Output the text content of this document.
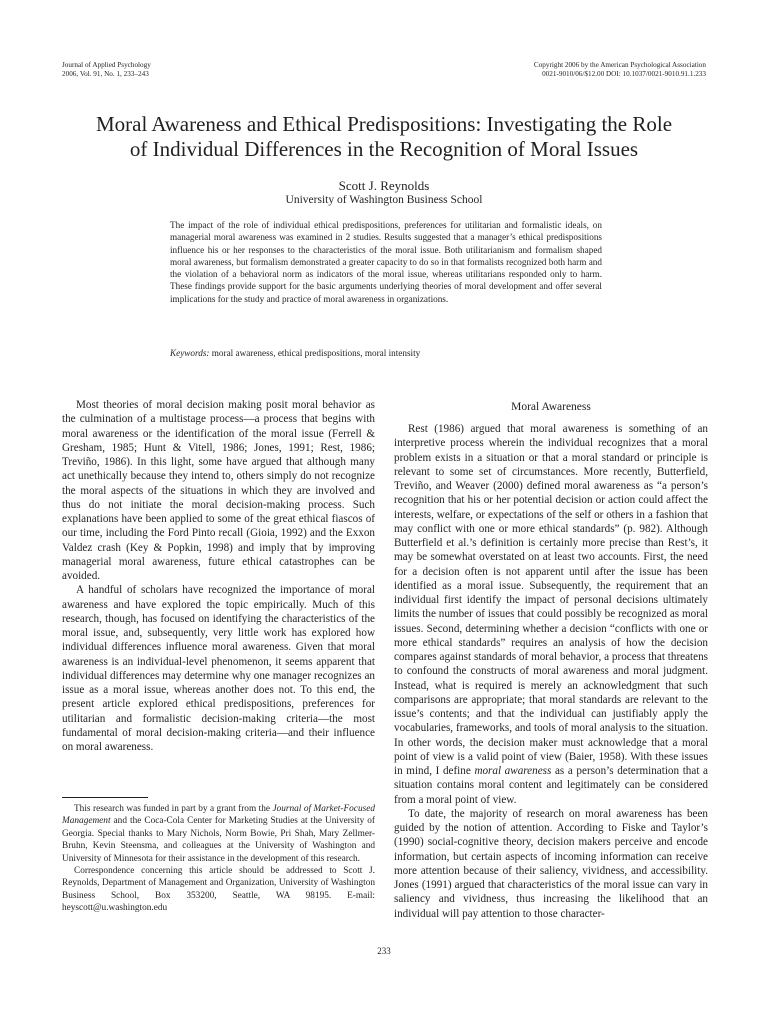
Journal of Applied Psychology
2006, Vol. 91, No. 1, 233–243
Copyright 2006 by the American Psychological Association
0021-9010/06/$12.00 DOI: 10.1037/0021-9010.91.1.233
Moral Awareness and Ethical Predispositions: Investigating the Role
of Individual Differences in the Recognition of Moral Issues

Scott J. Reynolds

University of Washington Business School

The impact of the role of individual ethical predispositions, preferences for utilitarian and formalistic ideals, on managerial moral awareness was examined in 2 studies. Results suggested that a manager’s ethical predispositions influence his or her responses to the characteristics of the moral issue. Both utilitarianism and formalism shaped moral awareness, but formalism demonstrated a greater capacity to do so in that formalists recognized both harm and the violation of a behavioral norm as indicators of the moral issue, whereas utilitarians responded only to harm. These findings provide support for the basic arguments underlying theories of moral development and offer several implications for the study and practice of moral awareness in organizations.

Keywords: moral awareness, ethical predispositions, moral intensity

Most theories of moral decision making posit moral behavior as the culmination of a multistage process—a process that begins with moral awareness or the identification of the moral issue (Ferrell & Gresham, 1985; Hunt & Vitell, 1986; Jones, 1991; Rest, 1986; Treviño, 1986). In this light, some have argued that although many act unethically because they intend to, others simply do not recognize the moral aspects of the situations in which they are involved and thus do not initiate the moral decision-making process. Such explanations have been applied to some of the great ethical fiascos of our time, including the Ford Pinto recall (Gioia, 1992) and the Exxon Valdez crash (Key & Popkin, 1998) and imply that by improving managerial moral awareness, future ethical catastrophes can be avoided.

A handful of scholars have recognized the importance of moral awareness and have explored the topic empirically. Much of this research, though, has focused on identifying the characteristics of the moral issue, and, subsequently, very little work has explored how individual differences influence moral awareness. Given that moral awareness is an individual-level phenomenon, it seems apparent that individual differences may determine why one manager recognizes an issue as a moral issue, whereas another does not. To this end, the present article explored ethical predispositions, preferences for utilitarian and formalistic decision-making criteria—the most fundamental of moral decision-making criteria—and their influence on moral awareness.

This research was funded in part by a grant from the Journal of Market-Focused Management and the Coca-Cola Center for Marketing Studies at the University of Georgia. Special thanks to Mary Nichols, Norm Bowie, Pri Shah, Mary Zellmer-Bruhn, Kevin Steensma, and colleagues at the University of Washington and University of Minnesota for their assistance in the development of this research.

Correspondence concerning this article should be addressed to Scott J. Reynolds, Department of Management and Organization, University of Washington Business School, Box 353200, Seattle, WA 98195. E-mail: heyscott@u.washington.edu

Moral Awareness

Rest (1986) argued that moral awareness is something of an interpretive process wherein the individual recognizes that a moral problem exists in a situation or that a moral standard or principle is relevant to some set of circumstances. More recently, Butterfield, Treviño, and Weaver (2000) defined moral awareness as “a person’s recognition that his or her potential decision or action could affect the interests, welfare, or expectations of the self or others in a fashion that may conflict with one or more ethical standards” (p. 982). Although Butterfield et al.’s definition is certainly more precise than Rest’s, it may be somewhat overstated on at least two accounts. First, the need for a decision often is not apparent until after the issue has been identified as a moral issue. Subsequently, the requirement that an individual first identify the impact of personal decisions ultimately limits the number of issues that could possibly be recognized as moral issues. Second, determining whether a decision “conflicts with one or more ethical standards” requires an analysis of how the decision compares against standards of moral behavior, a process that threatens to confound the constructs of moral awareness and moral judgment. Instead, what is required is merely an acknowledgment that such comparisons are appropriate; that moral standards are relevant to the issue’s contents; and that the individual can justifiably apply the vocabularies, frameworks, and tools of moral analysis to the situation. In other words, the decision maker must acknowledge that a moral point of view is a valid point of view (Baier, 1958). With these issues in mind, I define moral awareness as a person’s determination that a situation contains moral content and legitimately can be considered from a moral point of view.

To date, the majority of research on moral awareness has been guided by the notion of attention. According to Fiske and Taylor’s (1990) social-cognitive theory, decision makers perceive and encode information, but certain aspects of incoming information can receive more attention because of their saliency, vividness, and accessibility. Jones (1991) argued that characteristics of the moral issue can vary in saliency and vividness, thus increasing the likelihood that an individual will pay attention to those character-

233
